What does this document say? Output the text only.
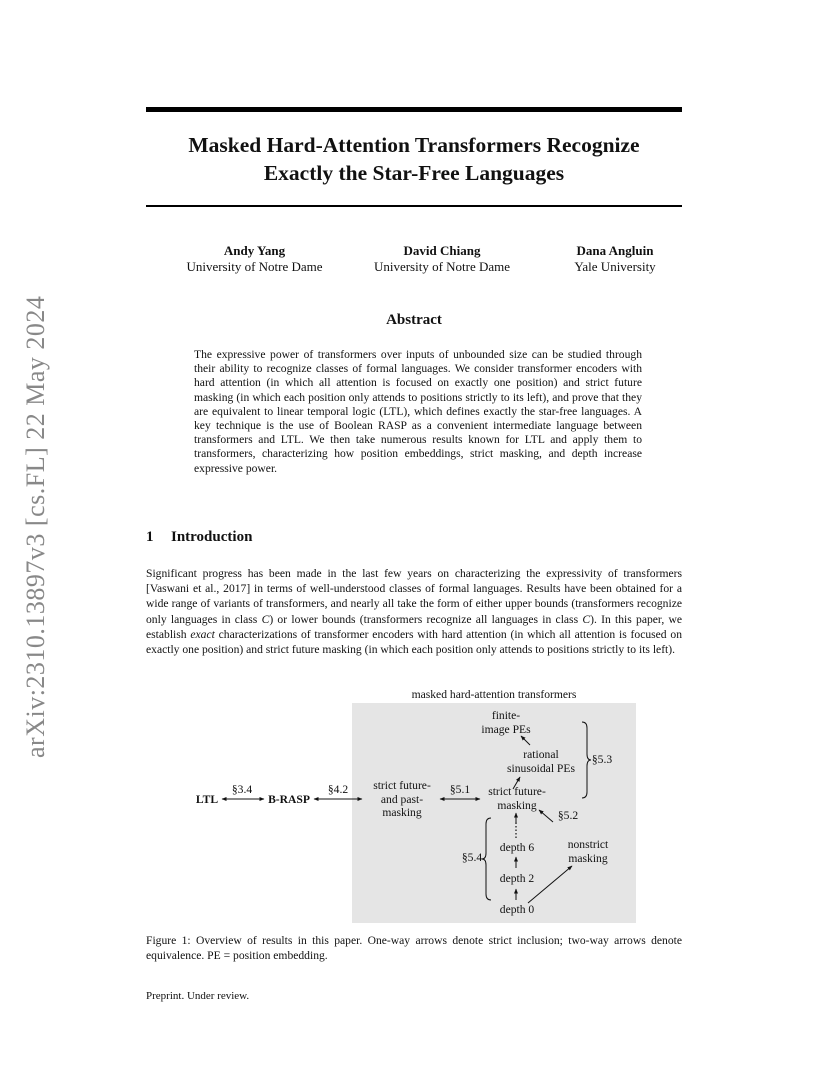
arXiv:2310.13897v3 [cs.FL] 22 May 2024
Masked Hard-Attention Transformers Recognize
Exactly the Star-Free Languages
Andy Yang
University of Notre Dame
David Chiang
University of Notre Dame
Dana Angluin
Yale University
Abstract
The expressive power of transformers over inputs of unbounded size can be studied through their ability to recognize classes of formal languages. We consider transformer encoders with hard attention (in which all attention is focused on exactly one position) and strict future masking (in which each position only attends to positions strictly to its left), and prove that they are equivalent to linear temporal logic (LTL), which defines exactly the star-free languages. A key technique is the use of Boolean RASP as a convenient intermediate language between transformers and LTL. We then take numerous results known for LTL and apply them to transformers, characterizing how position embeddings, strict masking, and depth increase expressive power.
1 Introduction
Significant progress has been made in the last few years on characterizing the expressivity of transformers [Vaswani et al., 2017] in terms of well-understood classes of formal languages. Results have been obtained for a wide range of variants of transformers, and nearly all take the form of either upper bounds (transformers recognize only languages in class C) or lower bounds (transformers recognize all languages in class C). In this paper, we establish exact characterizations of transformer encoders with hard attention (in which all attention is focused on exactly one position) and strict future masking (in which each position only attends to positions strictly to its left).
masked hard-attention transformers
LTL	B-RASP
§3.4	§4.2	§5.1
strict future-
and past-
masking
strict future-
masking
finite-
image PEs
rational
sinusoidal PEs
§5.3
§5.2
§5.4
depth 6
depth 2
depth 0
nonstrict
masking
Figure 1: Overview of results in this paper. One-way arrows denote strict inclusion; two-way arrows denote equivalence. PE = position embedding.
Preprint. Under review.
